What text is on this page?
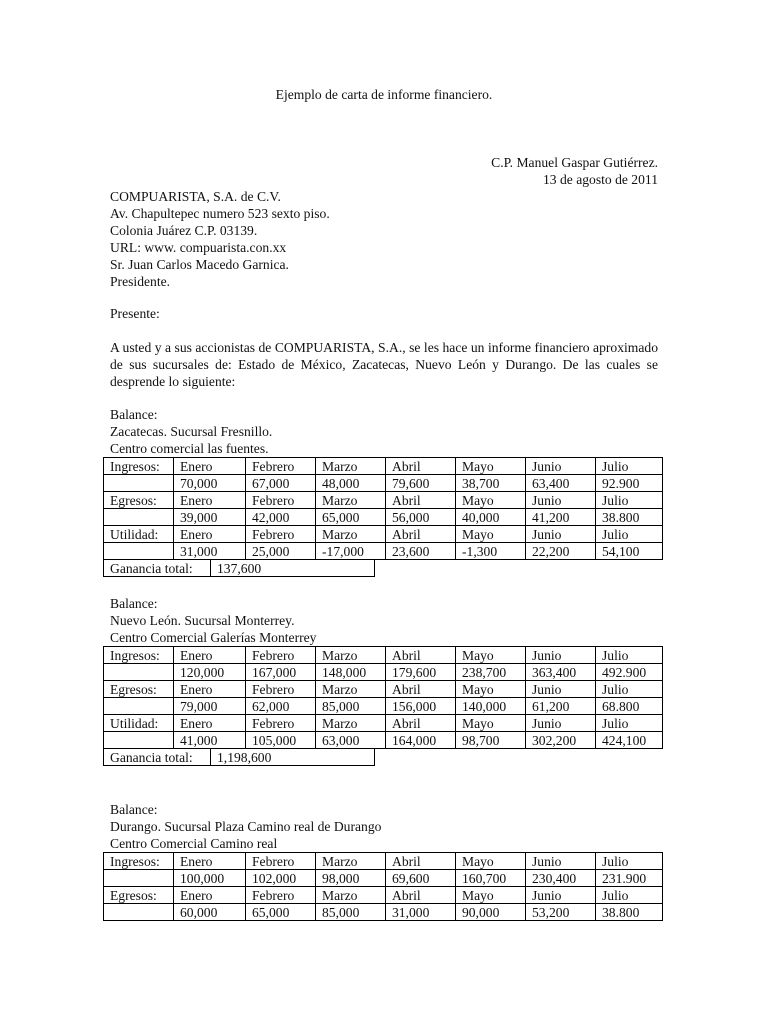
Ejemplo de carta de informe financiero.
C.P. Manuel Gaspar Gutiérrez.
13 de agosto de 2011
COMPUARISTA, S.A. de C.V.
Av. Chapultepec numero 523 sexto piso.
Colonia Juárez C.P. 03139.
URL: www. compuarista.con.xx
Sr. Juan Carlos Macedo Garnica.
Presidente.
Presente:

A usted y a sus accionistas de COMPUARISTA, S.A., se les hace un informe financiero aproximado de sus sucursales de: Estado de México, Zacatecas, Nuevo León y Durango. De las cuales se desprende lo siguiente:

Balance:
Zacatecas. Sucursal Fresnillo.
Centro comercial las fuentes.
Ingresos:	Enero	Febrero	Marzo	Abril	Mayo	Junio	Julio
	70,000	67,000	48,000	79,600	38,700	63,400	92.900
Egresos:	Enero	Febrero	Marzo	Abril	Mayo	Junio	Julio
	39,000	42,000	65,000	56,000	40,000	41,200	38.800
Utilidad:	Enero	Febrero	Marzo	Abril	Mayo	Junio	Julio
	31,000	25,000	-17,000	23,600	-1,300	22,200	54,100
Ganancia total:	137,600
Balance:
Nuevo León. Sucursal Monterrey.
Centro Comercial Galerías Monterrey
Ingresos:	Enero	Febrero	Marzo	Abril	Mayo	Junio	Julio
	120,000	167,000	148,000	179,600	238,700	363,400	492.900
Egresos:	Enero	Febrero	Marzo	Abril	Mayo	Junio	Julio
	79,000	62,000	85,000	156,000	140,000	61,200	68.800
Utilidad:	Enero	Febrero	Marzo	Abril	Mayo	Junio	Julio
	41,000	105,000	63,000	164,000	98,700	302,200	424,100
Ganancia total:	1,198,600
Balance:
Durango. Sucursal Plaza Camino real de Durango
Centro Comercial Camino real
Ingresos:	Enero	Febrero	Marzo	Abril	Mayo	Junio	Julio
	100,000	102,000	98,000	69,600	160,700	230,400	231.900
Egresos:	Enero	Febrero	Marzo	Abril	Mayo	Junio	Julio
	60,000	65,000	85,000	31,000	90,000	53,200	38.800
